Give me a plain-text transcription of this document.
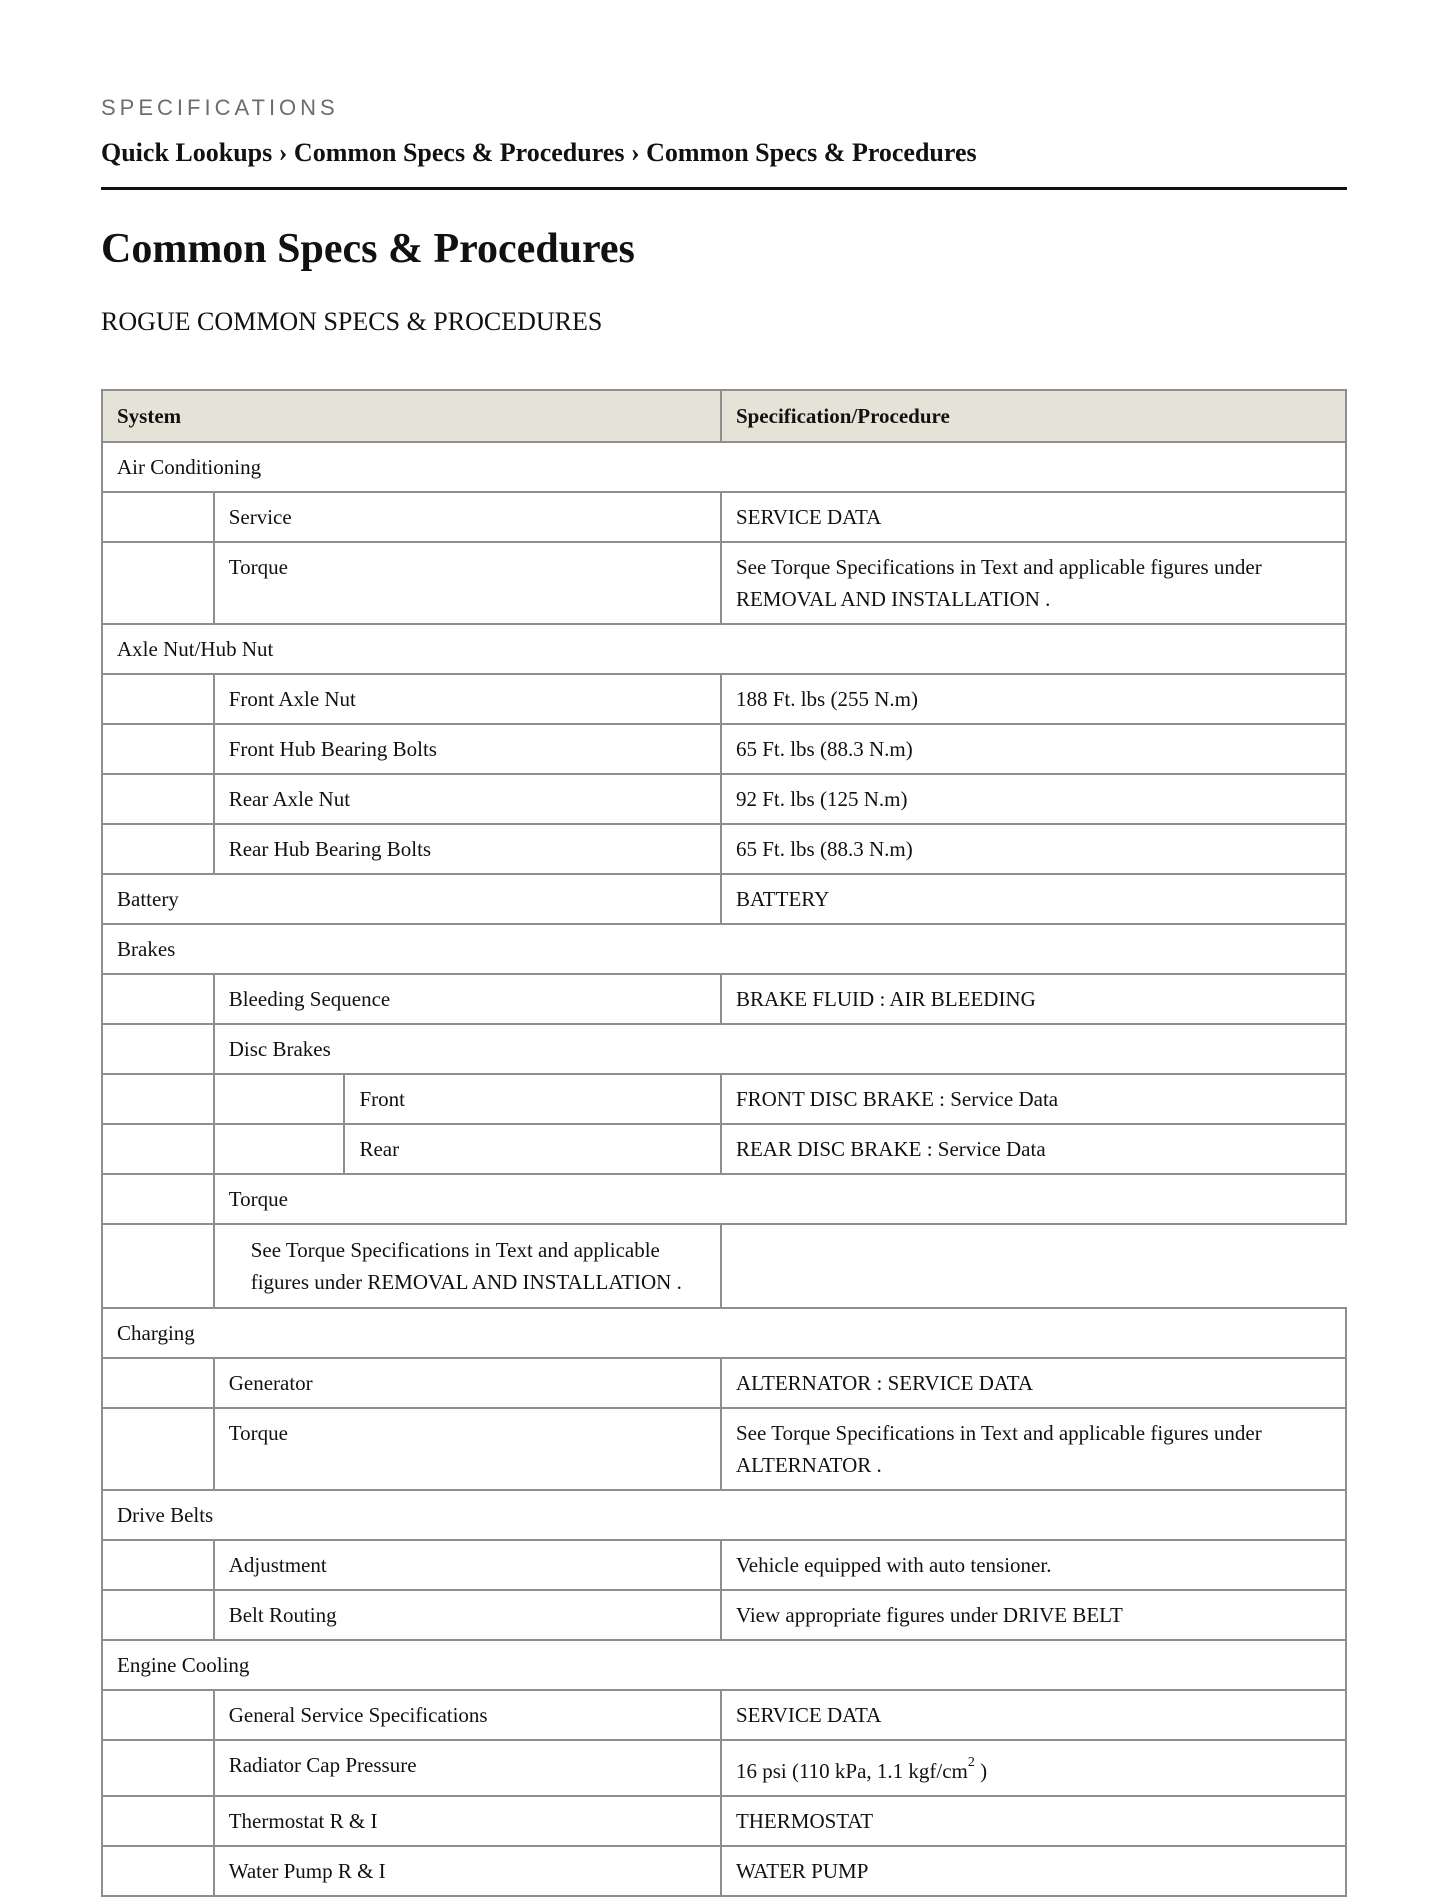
SPECIFICATIONS
Quick Lookups › Common Specs & Procedures › Common Specs & Procedures
Common Specs & Procedures
ROGUE COMMON SPECS & PROCEDURES
System			Specification/Procedure
Air Conditioning			
	Service		SERVICE DATA
	Torque		See Torque Specifications in Text and applicable figures under REMOVAL AND INSTALLATION .
Axle Nut/Hub Nut			
	Front Axle Nut		188 Ft. lbs (255 N.m)
	Front Hub Bearing Bolts		65 Ft. lbs (88.3 N.m)
	Rear Axle Nut		92 Ft. lbs (125 N.m)
	Rear Hub Bearing Bolts		65 Ft. lbs (88.3 N.m)
Battery			BATTERY
Brakes			
	Bleeding Sequence		BRAKE FLUID : AIR BLEEDING
	Disc Brakes		
		Front	FRONT DISC BRAKE : Service Data
		Rear	REAR DISC BRAKE : Service Data
	Torque		
	See Torque Specifications in Text and applicable figures under REMOVAL AND INSTALLATION .		
Charging			
	Generator		ALTERNATOR : SERVICE DATA
	Torque		See Torque Specifications in Text and applicable figures under ALTERNATOR .
Drive Belts			
	Adjustment		Vehicle equipped with auto tensioner.
	Belt Routing		View appropriate figures under DRIVE BELT
Engine Cooling			
	General Service Specifications		SERVICE DATA
	Radiator Cap Pressure		16 psi (110 kPa, 1.1 kgf/$cm^2$ )
	Thermostat R & I		THERMOSTAT
	Water Pump R & I		WATER PUMP
